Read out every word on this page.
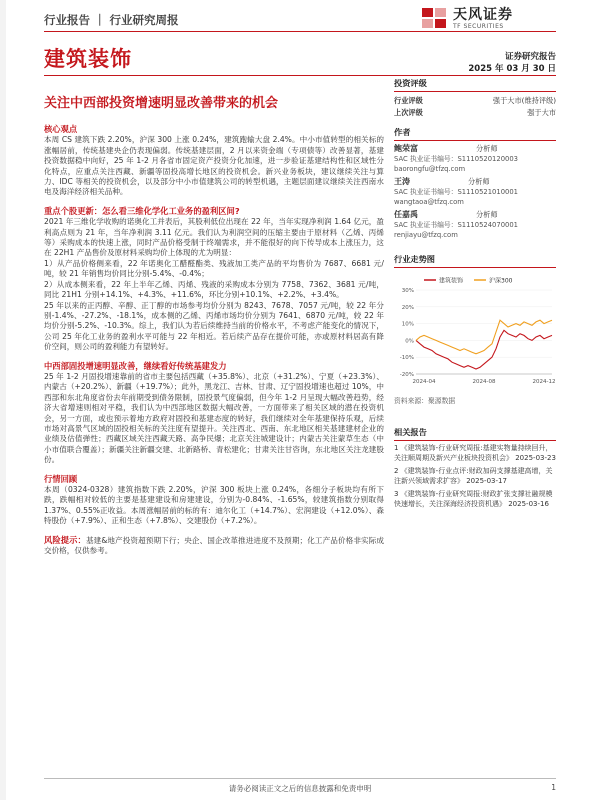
行业报告 ｜ 行业研究周报	天风证券
TF SECURITIES
建筑装饰	证券研究报告
2025 年 03 月 30 日
关注中西部投资增速明显改善带来的机会
核心观点

本周 CS 建筑下跌 2.20%，沪深 300 上涨 0.24%，建筑跑输大盘 2.4%。中小市值转型的相关标的涨幅居前，传统基建央企仍表现偏弱。传统基建层面，2 月以来资金端（专项债等）改善显著，基建投资数据稳中向好，25 年 1-2 月各省市固定资产投资分化加速，进一步验证基建结构性和区域性分化特点，应重点关注西藏、新疆等固投高增长地区的投资机会。新兴业务板块，建议继续关注与算力、IDC 等相关的投资机会，以及部分中小市值建筑公司的转型机遇，主题层面建议继续关注西南水电及海洋经济相关品种。

重点个股更新：怎么看三维化学化工业务的盈利区间?

2021 年三维化学收购的诺奥化工并表后，其股利低位出现在 22 年，当年实现净利润 1.64 亿元，盈利高点则为 21 年，当年净利润 3.11 亿元。我们认为利润空间的压缩主要由于原材料（乙烯、丙烯等）采购成本的快速上涨，同时产品价格受制于终端需求，并不能很好的向下传导成本上涨压力，这在 22H1 产品售价及原材料采购均价上体现的尤为明显：

1）从产品价格侧来看，22 年诺奥化工醋醛酯类、残液加工类产品的平均售价为 7687、6681 元/吨，较 21 年销售均价同比分别-5.4%、-0.4%；

2）从成本侧来看，22 年上半年乙烯、丙烯、残液的采购成本分别为 7758、7362、3681 元/吨，同比 21H1 分别+14.1%、+4.3%、+11.6%，环比分别+10.1%、+2.2%、+3.4%。

25 年以来的正丙醇、辛醇、正丁醇的市场参考均价分别为 8243、7678、7057 元/吨，较 22 年分别-1.4%、-27.2%、-18.1%，成本侧的乙烯、丙烯市场均价分别为 7641、6870 元/吨，较 22 年均价分别-5.2%、-10.3%。综上，我们认为若后续维持当前的价格水平，不考虑产能变化的情况下，公司 25 年化工业务的盈利水平可能与 22 年相近。若后续产品存在提价可能，亦或原材料居高有降价空间，则公司的盈利能力有望转好。

中西部固投增速明显改善，继续看好传统基建发力

25 年 1-2 月固投增速靠前的省市主要包括西藏（+35.8%）、北京（+31.2%）、宁夏（+23.3%）、内蒙古（+20.2%）、新疆（+19.7%）；此外，黑龙江、吉林、甘肃、辽宁固投增速也超过 10%，中西部和东北角度省份去年前期受到债务限制，固投景气度偏弱，但今年 1-2 月呈现大幅改善趋势，经济大省增速则相对平稳，我们认为中西部地区数据大幅改善，一方面带来了相关区域的潜在投资机会，另一方面，或也预示着地方政府对固投和基建态度的转好，我们继续对全年基建保持乐观，后续市场对高景气区域的固投相关标的关注度有望提升。关注西北、西南、东北地区相关基建建材企业的业绩及估值弹性；西藏区域关注西藏天路、高争民爆；北京关注城建设计；内蒙古关注蒙草生态（中小市值联合覆盖）；新疆关注新疆交建、北新路桥、青松建化；甘肃关注甘咨询，东北地区关注龙建股份。

行情回顾

本周（0324-0328）建筑指数下跌 2.20%，沪深 300 板块上涨 0.24%，各细分子板块均有所下跌，跌幅相对较低的主要是基建建设和房建建设，分别为-0.84%、-1.65%，较建筑指数分别取得 1.37%、0.55%正收益。本周涨幅居前的标的有：迪尔化工（+14.7%）、宏润建设（+12.0%）、森特股份（+7.9%）、正和生态（+7.8%）、交建股份（+7.2%）。

风险提示：基建&地产投资超预期下行；央企、国企改革推进进度不及预期；化工产品价格非实际成交价格，仅供参考。

投资评级
行业评级	强于大市(维持评级)
上次评级	强于大市
作者
鲍荣富	分析师
SAC 执业证书编号：S1110520120003
baorongfu@tfzq.com
王涛	分析师
SAC 执业证书编号：S1110521010001
wangtaoa@tfzq.com
任嘉禹	分析师
SAC 执业证书编号：S1110524070001
renjiayu@tfzq.com
行业走势图
建筑装饰	沪深300
30%
20%
10%
0%
-10%
-20%
2024-04	2024-08	2024-12
资料来源：聚源数据
相关报告
1 《建筑装饰-行业研究周报:基建实物量持续回升，关注顺周期及新兴产业板块投资机会》 2025-03-23
2 《建筑装饰-行业点评:财政加码支撑基建高增，关注新兴领域需求扩容》 2025-03-17
3 《建筑装饰-行业研究周报:财政扩张支撑社融规模快速增长，关注深海经济投资机遇》 2025-03-16
请务必阅读正文之后的信息披露和免责申明	1
